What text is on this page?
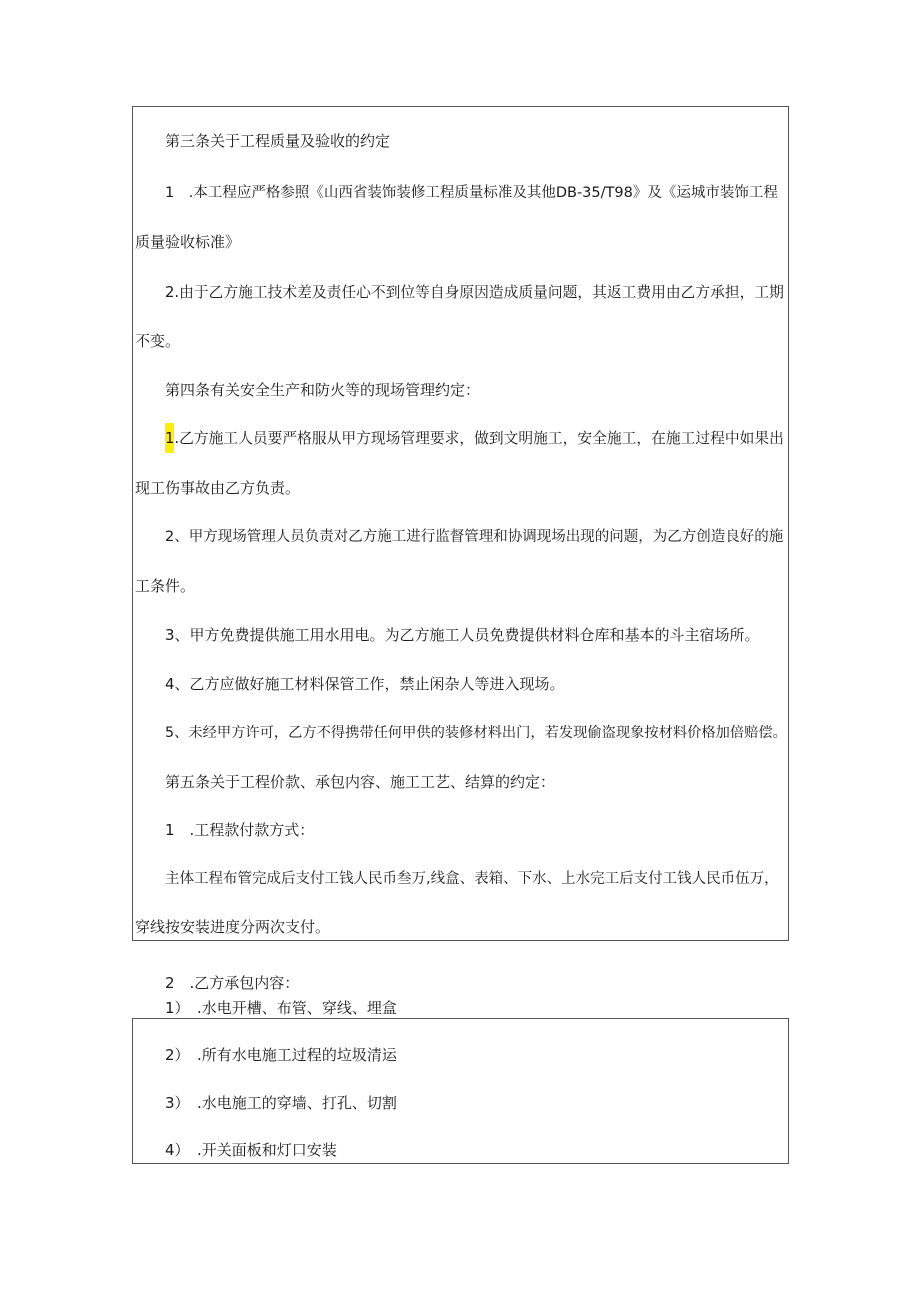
第三条关于工程质量及验收的约定
1　.本工程应严格参照《山西省装饰装修工程质量标准及其他DB-35/T98》及《运城市装饰工程
质量验收标准》
2.由于乙方施工技术差及责任心不到位等自身原因造成质量问题，其返工费用由乙方承担，工期
不变。
第四条有关安全生产和防火等的现场管理约定：
1.乙方施工人员要严格服从甲方现场管理要求，做到文明施工，安全施工，在施工过程中如果出
现工伤事故由乙方负责。
2、甲方现场管理人员负责对乙方施工进行监督管理和协调现场出现的问题，为乙方创造良好的施
工条件。
3、甲方免费提供施工用水用电。为乙方施工人员免费提供材料仓库和基本的斗主宿场所。
4、乙方应做好施工材料保管工作，禁止闲杂人等进入现场。
5、未经甲方许可，乙方不得携带任何甲供的装修材料出门，若发现偷盗现象按材料价格加倍赔偿。
第五条关于工程价款、承包内容、施工工艺、结算的约定：
1　.工程款付款方式：
主体工程布管完成后支付工钱人民币叁万,线盒、表箱、下水、上水完工后支付工钱人民币伍万，
穿线按安装进度分两次支付。
2　.乙方承包内容：
1）　.水电开槽、布管、穿线、埋盒
2）　.所有水电施工过程的垃圾清运
3）　.水电施工的穿墙、打孔、切割
4）　.开关面板和灯口安装
